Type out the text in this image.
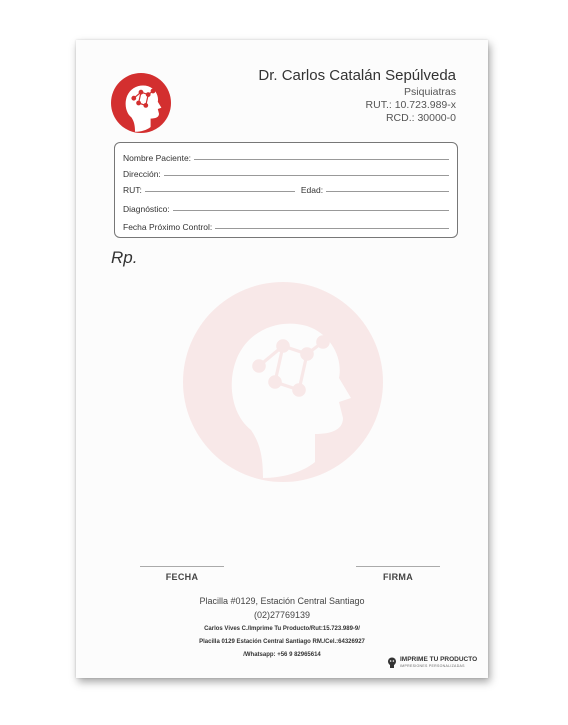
Dr. Carlos Catalán Sepúlveda
Psiquiatras
RUT.: 10.723.989-x
RCD.: 30000-0
Nombre Paciente:
Dirección:
RUT:	Edad:
Diagnóstico:
Fecha Próximo Control:
Rp.
FECHA	FIRMA
Placilla #0129, Estación Central Santiago
(02)27769139
Carlos Vives C./Imprime Tu Producto/Rut:15.723.989-9/
Placilla 0129 Estación Central Santiago RM./Cel.:64326927
/Whatsapp: +56 9 82965614
IMPRIME TU PRODUCTO
IMPRESIONES PERSONALIZADAS
